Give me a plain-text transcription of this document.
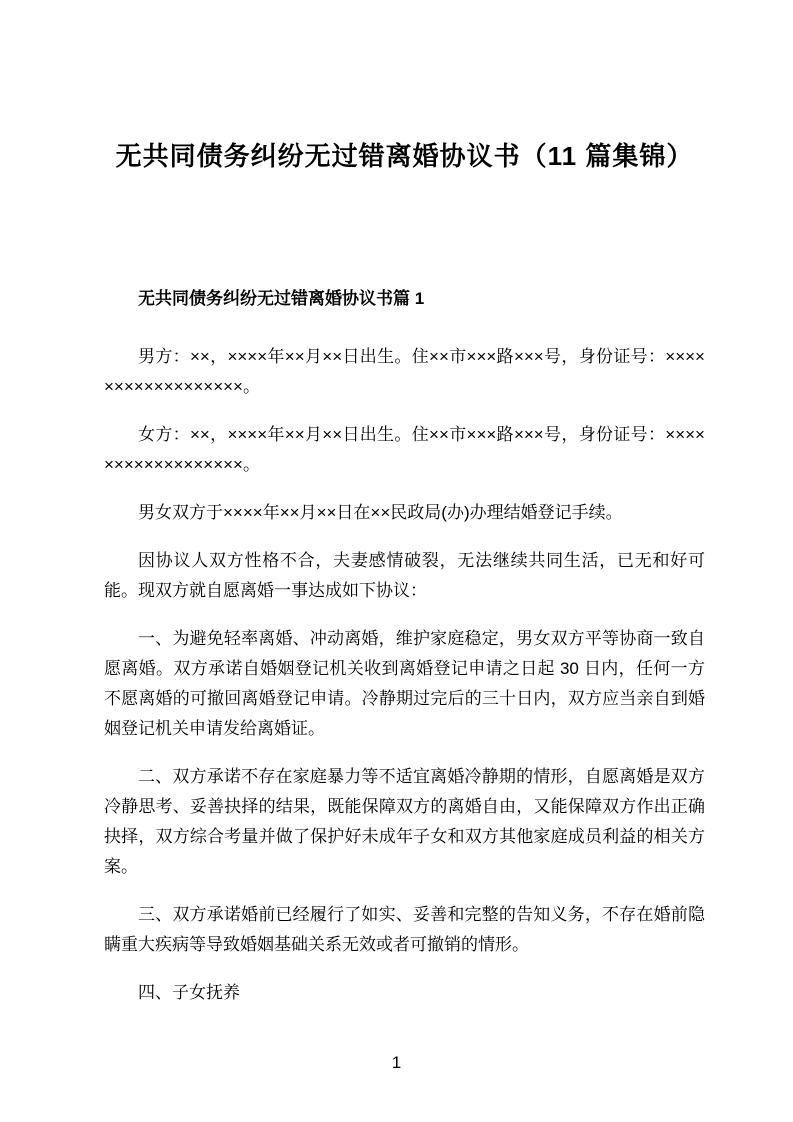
无共同债务纠纷无过错离婚协议书（11 篇集锦）
无共同债务纠纷无过错离婚协议书篇 1

男方：××，××××年××月××日出生。住××市×××路×××号，身份证号：××××××××××××××××××。

女方：××，××××年××月××日出生。住××市×××路×××号，身份证号：××××××××××××××××××。

男女双方于××××年××月××日在××民政局(办)办理结婚登记手续。

因协议人双方性格不合，夫妻感情破裂，无法继续共同生活，已无和好可能。现双方就自愿离婚一事达成如下协议：

一、为避免轻率离婚、冲动离婚，维护家庭稳定，男女双方平等协商一致自愿离婚。双方承诺自婚姻登记机关收到离婚登记申请之日起 30 日内，任何一方不愿离婚的可撤回离婚登记申请。冷静期过完后的三十日内，双方应当亲自到婚姻登记机关申请发给离婚证。

二、双方承诺不存在家庭暴力等不适宜离婚冷静期的情形，自愿离婚是双方冷静思考、妥善抉择的结果，既能保障双方的离婚自由，又能保障双方作出正确抉择，双方综合考量并做了保护好未成年子女和双方其他家庭成员利益的相关方案。

三、双方承诺婚前已经履行了如实、妥善和完整的告知义务，不存在婚前隐瞒重大疾病等导致婚姻基础关系无效或者可撤销的情形。

四、子女抚养

1
